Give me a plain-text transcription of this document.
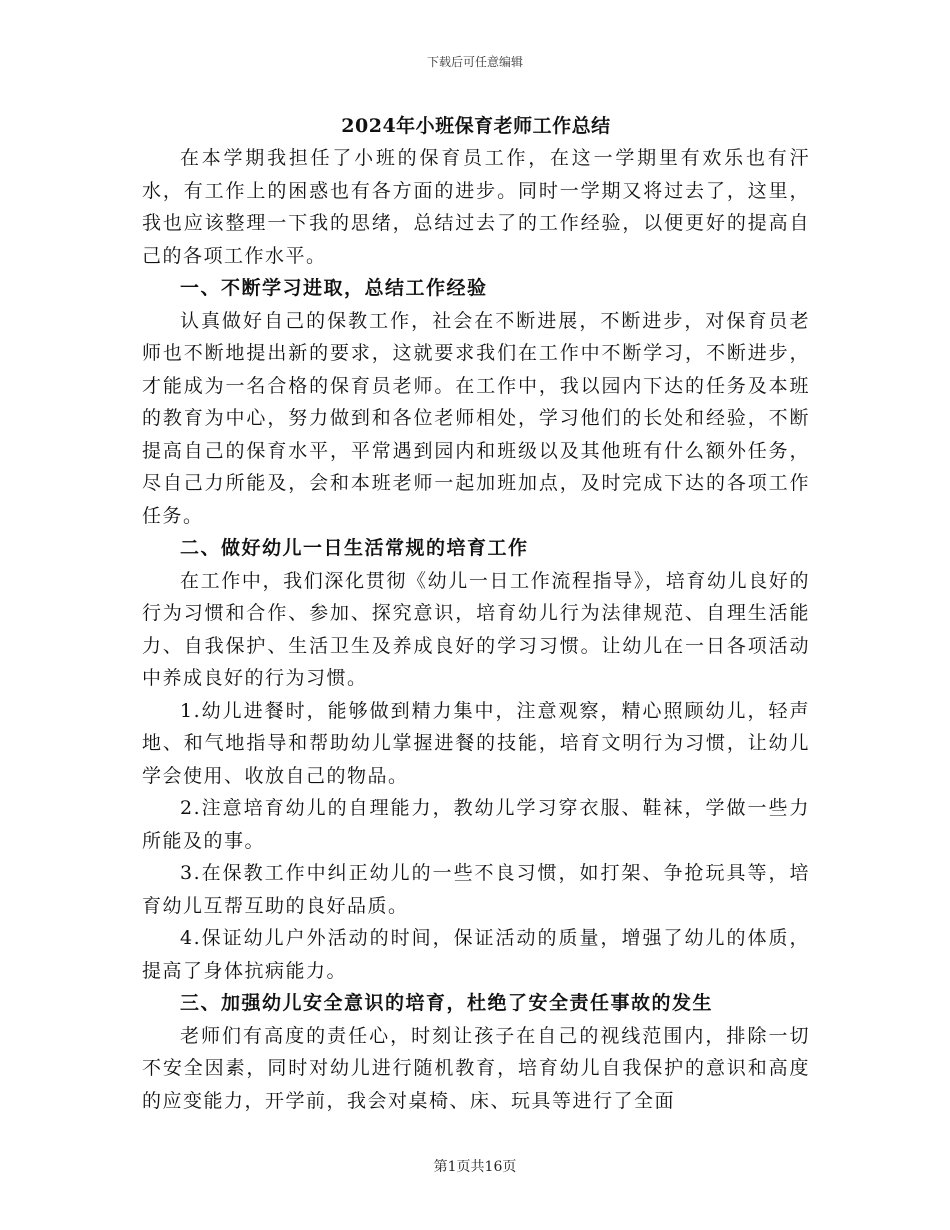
下载后可任意编辑
2024年小班保育老师工作总结

在本学期我担任了小班的保育员工作，在这一学期里有欢乐也有汗水，有工作上的困惑也有各方面的进步。同时一学期又将过去了，这里，我也应该整理一下我的思绪，总结过去了的工作经验，以便更好的提高自己的各项工作水平。

一、不断学习进取，总结工作经验

认真做好自己的保教工作，社会在不断进展，不断进步，对保育员老师也不断地提出新的要求，这就要求我们在工作中不断学习，不断进步，才能成为一名合格的保育员老师。在工作中，我以园内下达的任务及本班的教育为中心，努力做到和各位老师相处，学习他们的长处和经验，不断提高自己的保育水平，平常遇到园内和班级以及其他班有什么额外任务，尽自己力所能及，会和本班老师一起加班加点，及时完成下达的各项工作任务。

二、做好幼儿一日生活常规的培育工作

在工作中，我们深化贯彻《幼儿一日工作流程指导》，培育幼儿良好的行为习惯和合作、参加、探究意识，培育幼儿行为法律规范、自理生活能力、自我保护、生活卫生及养成良好的学习习惯。让幼儿在一日各项活动中养成良好的行为习惯。

1.幼儿进餐时，能够做到精力集中，注意观察，精心照顾幼儿，轻声地、和气地指导和帮助幼儿掌握进餐的技能，培育文明行为习惯，让幼儿学会使用、收放自己的物品。

2.注意培育幼儿的自理能力，教幼儿学习穿衣服、鞋袜，学做一些力所能及的事。

3.在保教工作中纠正幼儿的一些不良习惯，如打架、争抢玩具等，培育幼儿互帮互助的良好品质。

4.保证幼儿户外活动的时间，保证活动的质量，增强了幼儿的体质，提高了身体抗病能力。

三、加强幼儿安全意识的培育，杜绝了安全责任事故的发生

老师们有高度的责任心，时刻让孩子在自己的视线范围内，排除一切不安全因素，同时对幼儿进行随机教育，培育幼儿自我保护的意识和高度的应变能力，开学前，我会对桌椅、床、玩具等进行了全面

第1页共16页
